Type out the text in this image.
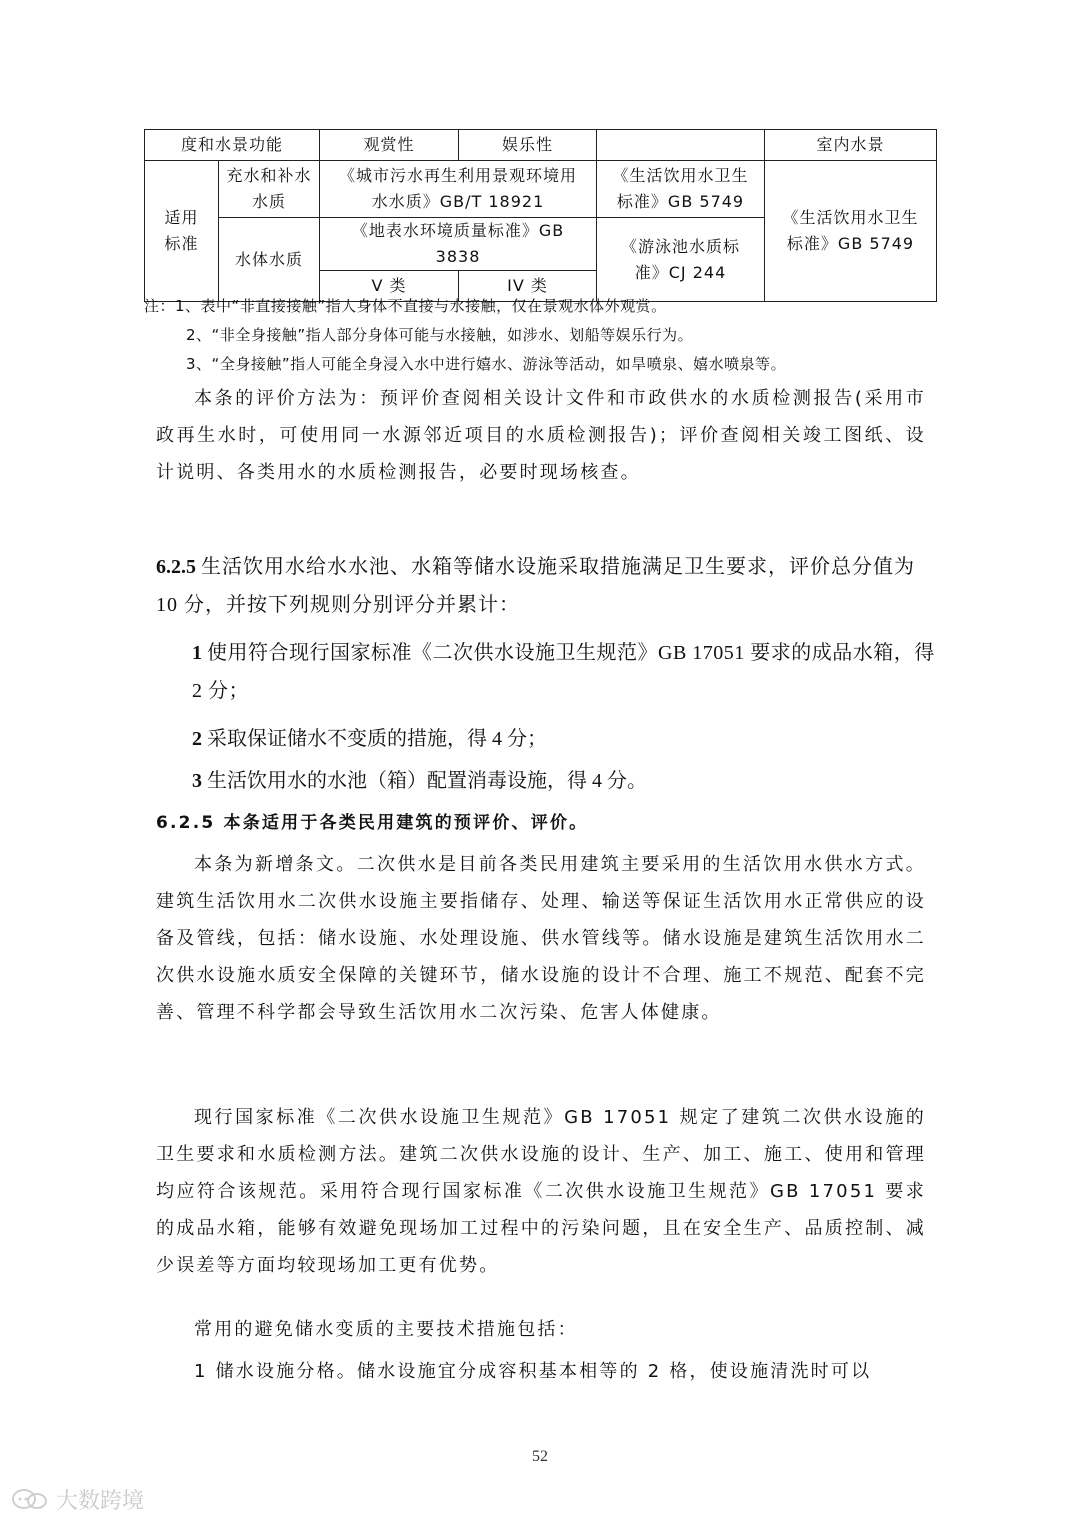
度和水景功能		观赏性	娱乐性		室内水景
适用标准	充水和补水水质	《城市污水再生利用景观环境用水水质》GB/T 18921		《生活饮用水卫生标准》GB 5749	《生活饮用水卫生标准》GB 5749
	水体水质	《地表水环境质量标准》GB 3838		《游泳池水质标准》CJ 244	
		V 类	IV 类		
注：1、表中“非直接接触”指人身体不直接与水接触，仅在景观水体外观赏。
2、“非全身接触”指人部分身体可能与水接触，如涉水、划船等娱乐行为。
3、“全身接触”指人可能全身浸入水中进行嬉水、游泳等活动，如旱喷泉、嬉水喷泉等。
本条的评价方法为：预评价查阅相关设计文件和市政供水的水质检测报告(采用市政再生水时，可使用同一水源邻近项目的水质检测报告)；评价查阅相关竣工图纸、设计说明、各类用水的水质检测报告，必要时现场核查。
6.2.5 生活饮用水给水水池、水箱等储水设施采取措施满足卫生要求，评价总分值为 10 分，并按下列规则分别评分并累计：
1 使用符合现行国家标准《二次供水设施卫生规范》GB 17051 要求的成品水箱，得 2 分；
2 采取保证储水不变质的措施，得 4 分；
3 生活饮用水的水池（箱）配置消毒设施，得 4 分。
6.2.5 本条适用于各类民用建筑的预评价、评价。
本条为新增条文。二次供水是目前各类民用建筑主要采用的生活饮用水供水方式。建筑生活饮用水二次供水设施主要指储存、处理、输送等保证生活饮用水正常供应的设备及管线，包括：储水设施、水处理设施、供水管线等。储水设施是建筑生活饮用水二次供水设施水质安全保障的关键环节，储水设施的设计不合理、施工不规范、配套不完善、管理不科学都会导致生活饮用水二次污染、危害人体健康。
现行国家标准《二次供水设施卫生规范》GB 17051 规定了建筑二次供水设施的卫生要求和水质检测方法。建筑二次供水设施的设计、生产、加工、施工、使用和管理均应符合该规范。采用符合现行国家标准《二次供水设施卫生规范》GB 17051 要求的成品水箱，能够有效避免现场加工过程中的污染问题，且在安全生产、品质控制、减少误差等方面均较现场加工更有优势。
常用的避免储水变质的主要技术措施包括：
1 储水设施分格。储水设施宜分成容积基本相等的 2 格，使设施清洗时可以
52
大数跨境
